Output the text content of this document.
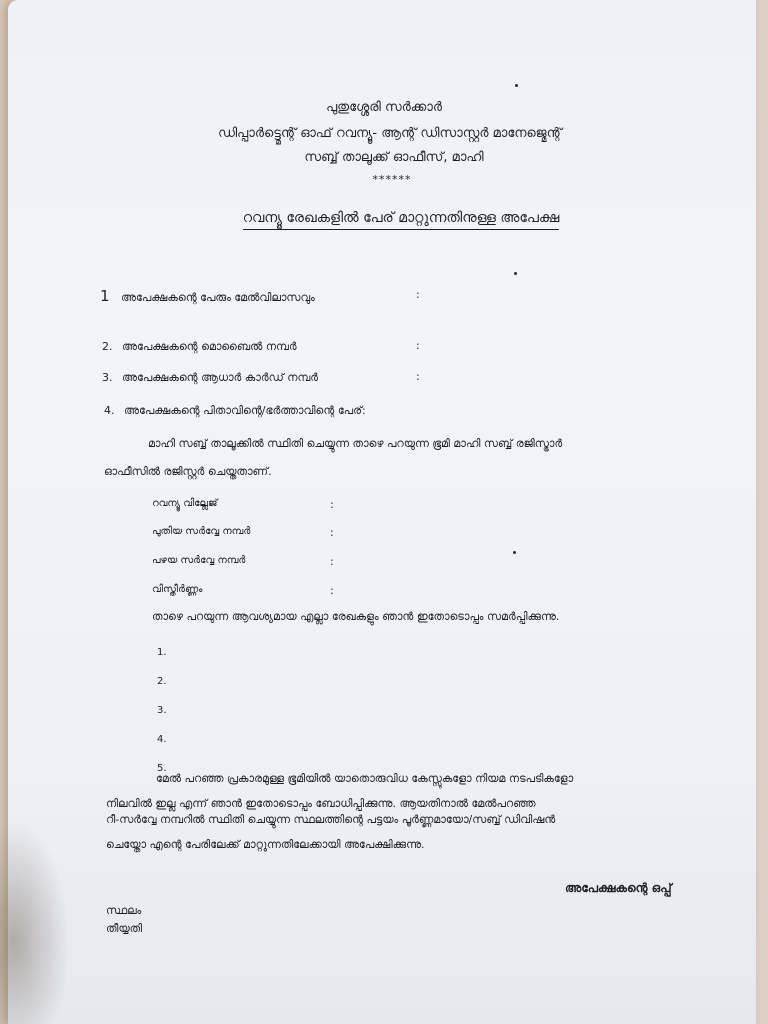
പുതുശ്ശേരി സർക്കാർ
ഡിപ്പാർട്ട്മെന്റ് ഓഫ് റവന്യൂ- ആന്റ് ഡിസാസ്റ്റർ മാനേജ്മെന്റ്
സബ്ബ് താലൂക്ക് ഓഫീസ്, മാഹി
******
റവന്യൂ രേഖകളിൽ പേര് മാറ്റുന്നതിനുള്ള അപേക്ഷ
1 അപേക്ഷകന്റെ പേരും മേൽവിലാസവും	:
2. അപേക്ഷകന്റെ മൊബൈൽ നമ്പർ	:
3. അപേക്ഷകന്റെ ആധാർ കാർഡ് നമ്പർ	:
4. അപേക്ഷകന്റെ പിതാവിന്റെ/ഭർത്താവിന്റെ പേര്:
മാഹി സബ്ബ് താലൂക്കിൽ സ്ഥിതി ചെയ്യുന്ന താഴെ പറയുന്ന ഭൂമി മാഹി സബ്ബ് രജിസ്ട്രാർ
ഓഫീസിൽ രജിസ്റ്റർ ചെയ്തതാണ്.
റവന്യൂ വില്ലേജ്	:
പുതിയ സർവ്വേ നമ്പർ	:
പഴയ സർവ്വേ നമ്പർ	:
വിസ്തീർണ്ണം	:
താഴെ പറയുന്ന ആവശ്യമായ എല്ലാ രേഖകളും ഞാൻ ഇതോടൊപ്പം സമർപ്പിക്കുന്നു.
1.
2.
3.
4.
5.
മേൽ പറഞ്ഞ പ്രകാരമുള്ള ഭൂമിയിൽ യാതൊരുവിധ കേസ്സുകളോ നിയമ നടപടികളോ
നിലവിൽ ഇല്ല എന്ന് ഞാൻ ഇതോടൊപ്പം ബോധിപ്പിക്കുന്നു. ആയതിനാൽ മേൽപറഞ്ഞ
റീ-സർവ്വേ നമ്പറിൽ സ്ഥിതി ചെയ്യുന്ന സ്ഥലത്തിന്റെ പട്ടയം പൂർണ്ണമായോ/സബ്ബ് ഡിവിഷൻ
ചെയ്തോ എന്റെ പേരിലേക്ക് മാറ്റുന്നതിലേക്കായി അപേക്ഷിക്കുന്നു.
അപേക്ഷകന്റെ ഒപ്പ്
സ്ഥലം
തീയ്യതി
